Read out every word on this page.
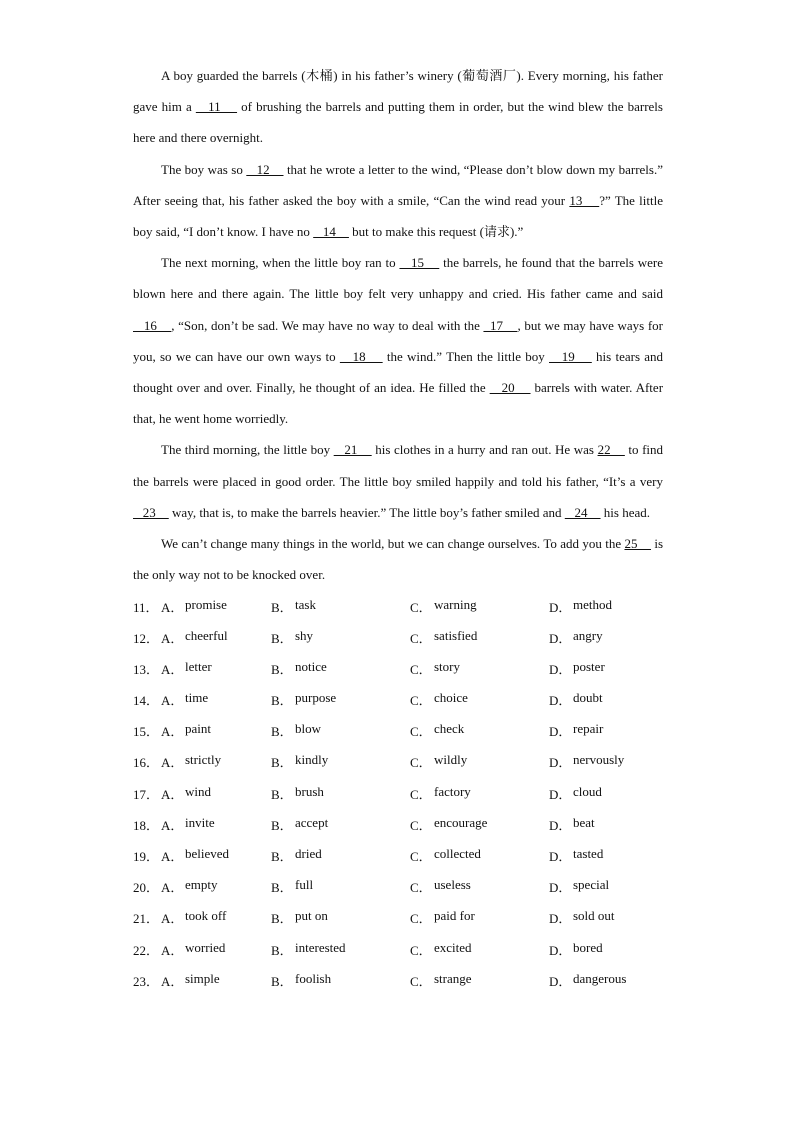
A boy guarded the barrels (木桶) in his father’s winery (葡萄酒厂). Every morning, his father gave him a    11     of brushing the barrels and putting them in order, but the wind blew the barrels here and there overnight.

The boy was so    12     that he wrote a letter to the wind, “Please don’t blow down my barrels.” After seeing that, his father asked the boy with a smile, “Can the wind read your 13    ?” The little boy said, “I don’t know. I have no    14     but to make this request (请求).”

The next morning, when the little boy ran to    15     the barrels, he found that the barrels were blown here and there again. The little boy felt very unhappy and cried. His father came and said    16    , “Son, don’t be sad. We may have no way to deal with the _17    , but we may have ways for you, so we can have our own ways to    18     the wind.” Then the little boy    19     his tears and thought over and over. Finally, he thought of an idea. He filled the    20     barrels with water. After that, he went home worriedly.

The third morning, the little boy    21     his clothes in a hurry and ran out. He was 22     to find the barrels were placed in good order. The little boy smiled happily and told his father, “It’s a very    23     way, that is, to make the barrels heavier.” The little boy’s father smiled and    24     his head.

We can’t change many things in the world, but we can change ourselves. To add you the 25     is the only way not to be knocked over.

11． A． promise	B． task	C． warning	D． method
12． A． cheerful	B． shy	C． satisfied	D． angry
13． A． letter	B． notice	C． story	D． poster
14． A． time	B． purpose	C． choice	D． doubt
15． A． paint	B． blow	C． check	D． repair
16． A． strictly	B． kindly	C． wildly	D． nervously
17． A． wind	B． brush	C． factory	D． cloud
18． A． invite	B． accept	C． encourage	D． beat
19． A． believed	B． dried	C． collected	D． tasted
20． A． empty	B． full	C． useless	D． special
21． A． took off	B． put on	C． paid for	D． sold out
22． A． worried	B． interested	C． excited	D． bored
23． A． simple	B． foolish	C． strange	D． dangerous
